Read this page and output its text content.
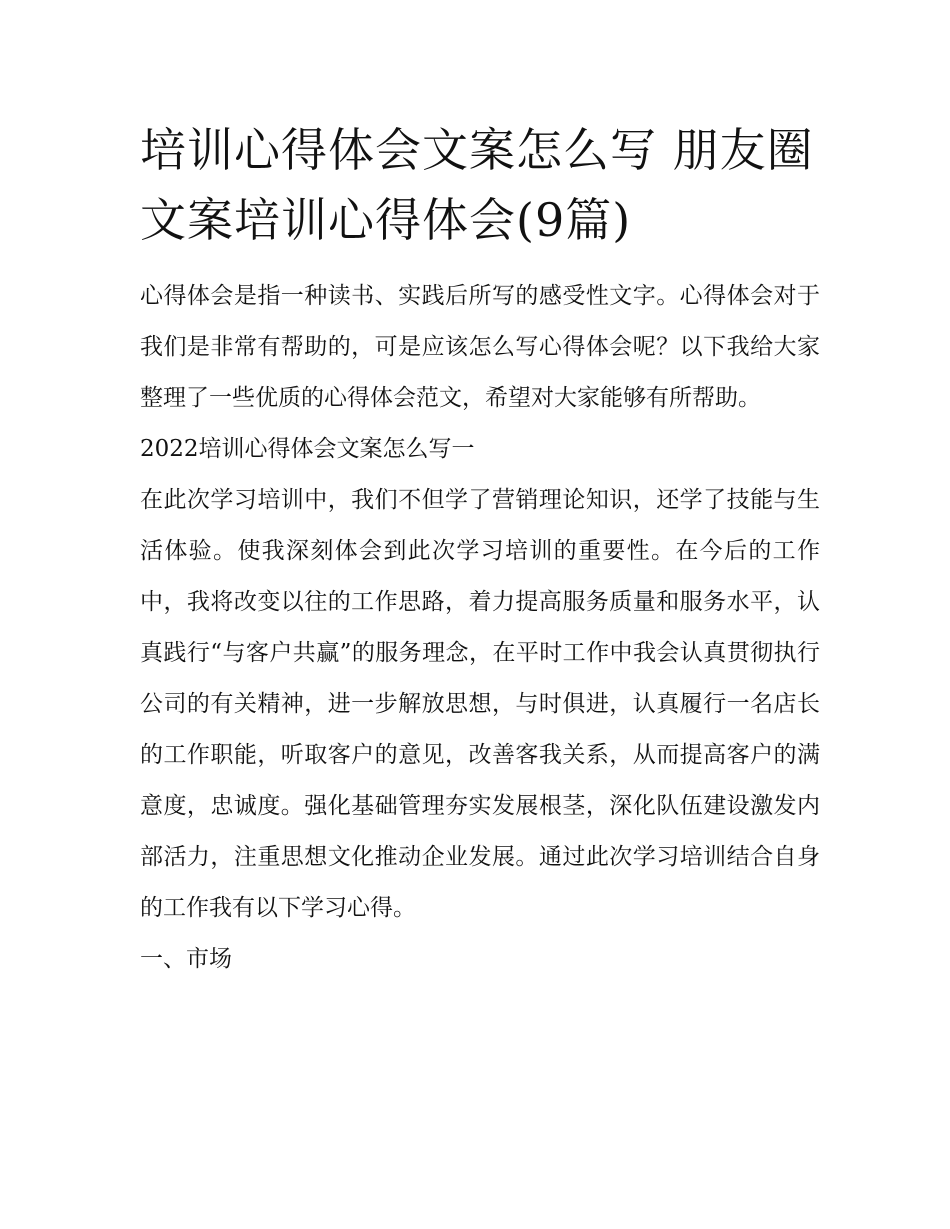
培训心得体会文案怎么写 朋友圈文案培训心得体会(9篇)

心得体会是指一种读书、实践后所写的感受性文字。心得体会对于我们是非常有帮助的，可是应该怎么写心得体会呢？以下我给大家整理了一些优质的心得体会范文，希望对大家能够有所帮助。

2022培训心得体会文案怎么写一

在此次学习培训中，我们不但学了营销理论知识，还学了技能与生活体验。使我深刻体会到此次学习培训的重要性。在今后的工作中，我将改变以往的工作思路，着力提高服务质量和服务水平，认真践行“与客户共赢”的服务理念，在平时工作中我会认真贯彻执行公司的有关精神，进一步解放思想，与时俱进，认真履行一名店长的工作职能，听取客户的意见，改善客我关系，从而提高客户的满意度，忠诚度。强化基础管理夯实发展根茎，深化队伍建设激发内部活力，注重思想文化推动企业发展。通过此次学习培训结合自身的工作我有以下学习心得。

一、市场
